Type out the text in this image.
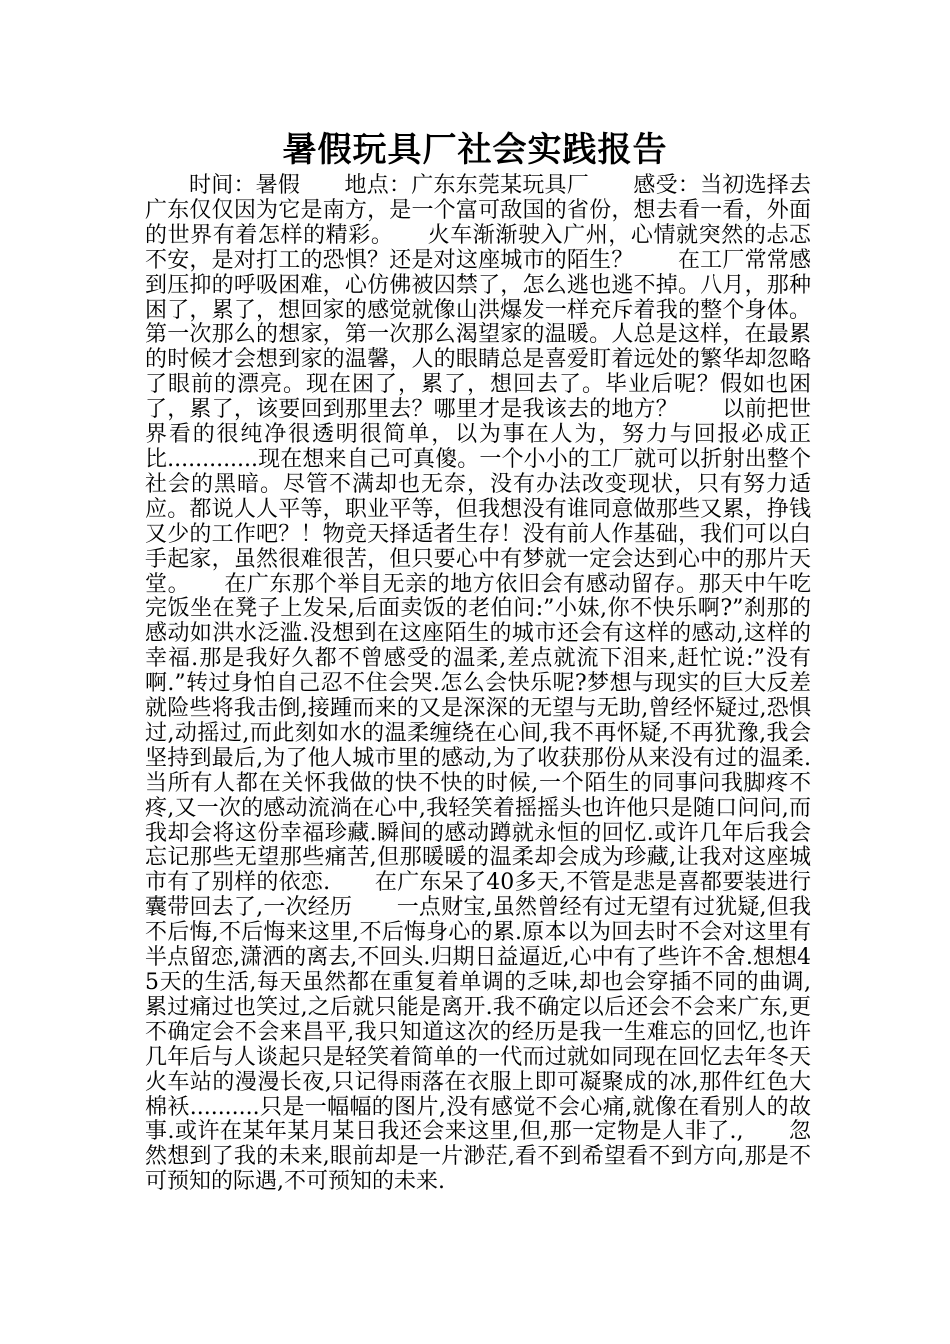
暑假玩具厂社会实践报告

时间：暑假　　地点：广东东莞某玩具厂　　感受：当初选择去广东仅仅因为它是南方，是一个富可敌国的省份，想去看一看，外面的世界有着怎样的精彩。　　火车渐渐驶入广州，心情就突然的忐忑不安，是对打工的恐惧？还是对这座城市的陌生？　　在工厂常常感到压抑的呼吸困难，心仿佛被囚禁了，怎么逃也逃不掉。八月，那种困了，累了，想回家的感觉就像山洪爆发一样充斥着我的整个身体。第一次那么的想家，第一次那么渴望家的温暖。人总是这样，在最累的时候才会想到家的温馨，人的眼睛总是喜爱盯着远处的繁华却忽略了眼前的漂亮。现在困了，累了，想回去了。毕业后呢？假如也困了，累了，该要回到那里去？哪里才是我该去的地方？　　以前把世界看的很纯净很透明很简单，以为事在人为，努力与回报必成正比.............现在想来自己可真傻。一个小小的工厂就可以折射出整个社会的黑暗。尽管不满却也无奈，没有办法改变现状，只有努力适应。都说人人平等，职业平等，但我想没有谁同意做那些又累，挣钱又少的工作吧？！物竞天择适者生存！没有前人作基础，我们可以白手起家，虽然很难很苦，但只要心中有梦就一定会达到心中的那片天堂。　　在广东那个举目无亲的地方依旧会有感动留存。那天中午吃完饭坐在凳子上发呆,后面卖饭的老伯问:”小妹,你不快乐啊?”刹那的感动如洪水泛滥.没想到在这座陌生的城市还会有这样的感动,这样的幸福.那是我好久都不曾感受的温柔,差点就流下泪来,赶忙说:”没有啊.”转过身怕自己忍不住会哭.怎么会快乐呢?梦想与现实的巨大反差就险些将我击倒,接踵而来的又是深深的无望与无助,曾经怀疑过,恐惧过,动摇过,而此刻如水的温柔缠绕在心间,我不再怀疑,不再犹豫,我会坚持到最后,为了他人城市里的感动,为了收获那份从来没有过的温柔.当所有人都在关怀我做的快不快的时候,一个陌生的同事问我脚疼不疼,又一次的感动流淌在心中,我轻笑着摇摇头也许他只是随口问问,而我却会将这份幸福珍藏.瞬间的感动蹲就永恒的回忆.或许几年后我会忘记那些无望那些痛苦,但那暖暖的温柔却会成为珍藏,让我对这座城市有了别样的依恋.　　在广东呆了40多天,不管是悲是喜都要装进行囊带回去了,一次经历　　一点财宝,虽然曾经有过无望有过犹疑,但我不后悔,不后悔来这里,不后悔身心的累.原本以为回去时不会对这里有半点留恋,潇洒的离去,不回头.归期日益逼近,心中有了些许不舍.想想45天的生活,每天虽然都在重复着单调的乏味,却也会穿插不同的曲调,累过痛过也笑过,之后就只能是离开.我不确定以后还会不会来广东,更不确定会不会来昌平,我只知道这次的经历是我一生难忘的回忆,也许几年后与人谈起只是轻笑着简单的一代而过就如同现在回忆去年冬天火车站的漫漫长夜,只记得雨落在衣服上即可凝聚成的冰,那件红色大棉袄..........只是一幅幅的图片,没有感觉不会心痛,就像在看别人的故事.或许在某年某月某日我还会来这里,但,那一定物是人非了.,　　忽然想到了我的未来,眼前却是一片渺茫,看不到希望看不到方向,那是不可预知的际遇,不可预知的未来.
